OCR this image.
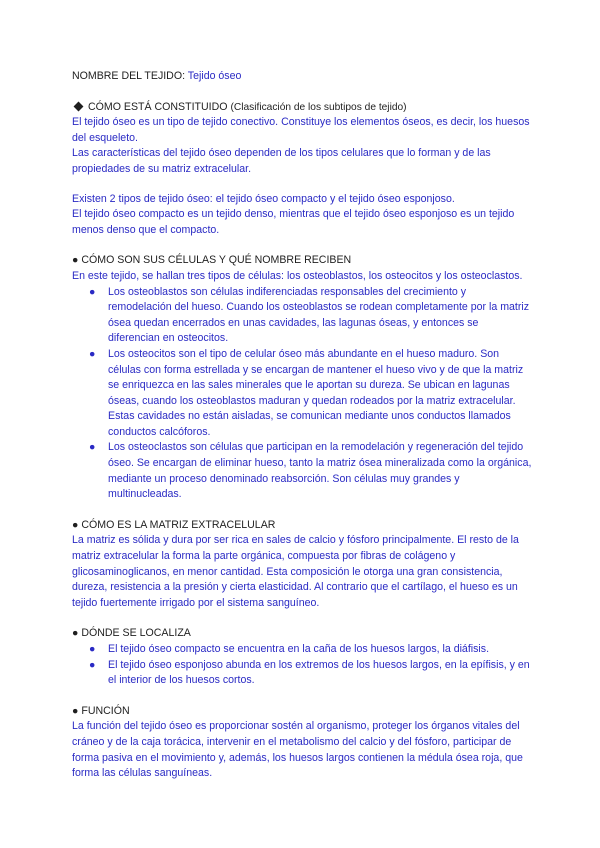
NOMBRE DEL TEJIDO: Tejido óseo

CÓMO ESTÁ CONSTITUIDO (Clasificación de los subtipos de tejido)

El tejido óseo es un tipo de tejido conectivo. Constituye los elementos óseos, es decir, los huesos del esqueleto.

Las características del tejido óseo dependen de los tipos celulares que lo forman y de las propiedades de su matriz extracelular.

Existen 2 tipos de tejido óseo: el tejido óseo compacto y el tejido óseo esponjoso.

El tejido óseo compacto es un tejido denso, mientras que el tejido óseo esponjoso es un tejido menos denso que el compacto.

● CÓMO SON SUS CÉLULAS Y QUÉ NOMBRE RECIBEN

En este tejido, se hallan tres tipos de células: los osteoblastos, los osteocitos y los osteoclastos.

● Los osteoblastos son células indiferenciadas responsables del crecimiento y remodelación del hueso. Cuando los osteoblastos se rodean completamente por la matriz ósea quedan encerrados en unas cavidades, las lagunas óseas, y entonces se diferencian en osteocitos.
● Los osteocitos son el tipo de celular óseo más abundante en el hueso maduro. Son células con forma estrellada y se encargan de mantener el hueso vivo y de que la matriz se enriquezca en las sales minerales que le aportan su dureza. Se ubican en lagunas óseas, cuando los osteoblastos maduran y quedan rodeados por la matriz extracelular. Estas cavidades no están aisladas, se comunican mediante unos conductos llamados conductos calcóforos.
● Los osteoclastos son células que participan en la remodelación y regeneración del tejido óseo. Se encargan de eliminar hueso, tanto la matriz ósea mineralizada como la orgánica, mediante un proceso denominado reabsorción. Son células muy grandes y multinucleadas.

● CÓMO ES LA MATRIZ EXTRACELULAR

La matriz es sólida y dura por ser rica en sales de calcio y fósforo principalmente. El resto de la matriz extracelular la forma la parte orgánica, compuesta por fibras de colágeno y glicosaminoglicanos, en menor cantidad. Esta composición le otorga una gran consistencia, dureza, resistencia a la presión y cierta elasticidad. Al contrario que el cartílago, el hueso es un tejido fuertemente irrigado por el sistema sanguíneo.

● DÓNDE SE LOCALIZA

● El tejido óseo compacto se encuentra en la caña de los huesos largos, la diáfisis.
● El tejido óseo esponjoso abunda en los extremos de los huesos largos, en la epífisis, y en el interior de los huesos cortos.

● FUNCIÓN

La función del tejido óseo es proporcionar sostén al organismo, proteger los órganos vitales del cráneo y de la caja torácica, intervenir en el metabolismo del calcio y del fósforo, participar de forma pasiva en el movimiento y, además, los huesos largos contienen la médula ósea roja, que forma las células sanguíneas.
